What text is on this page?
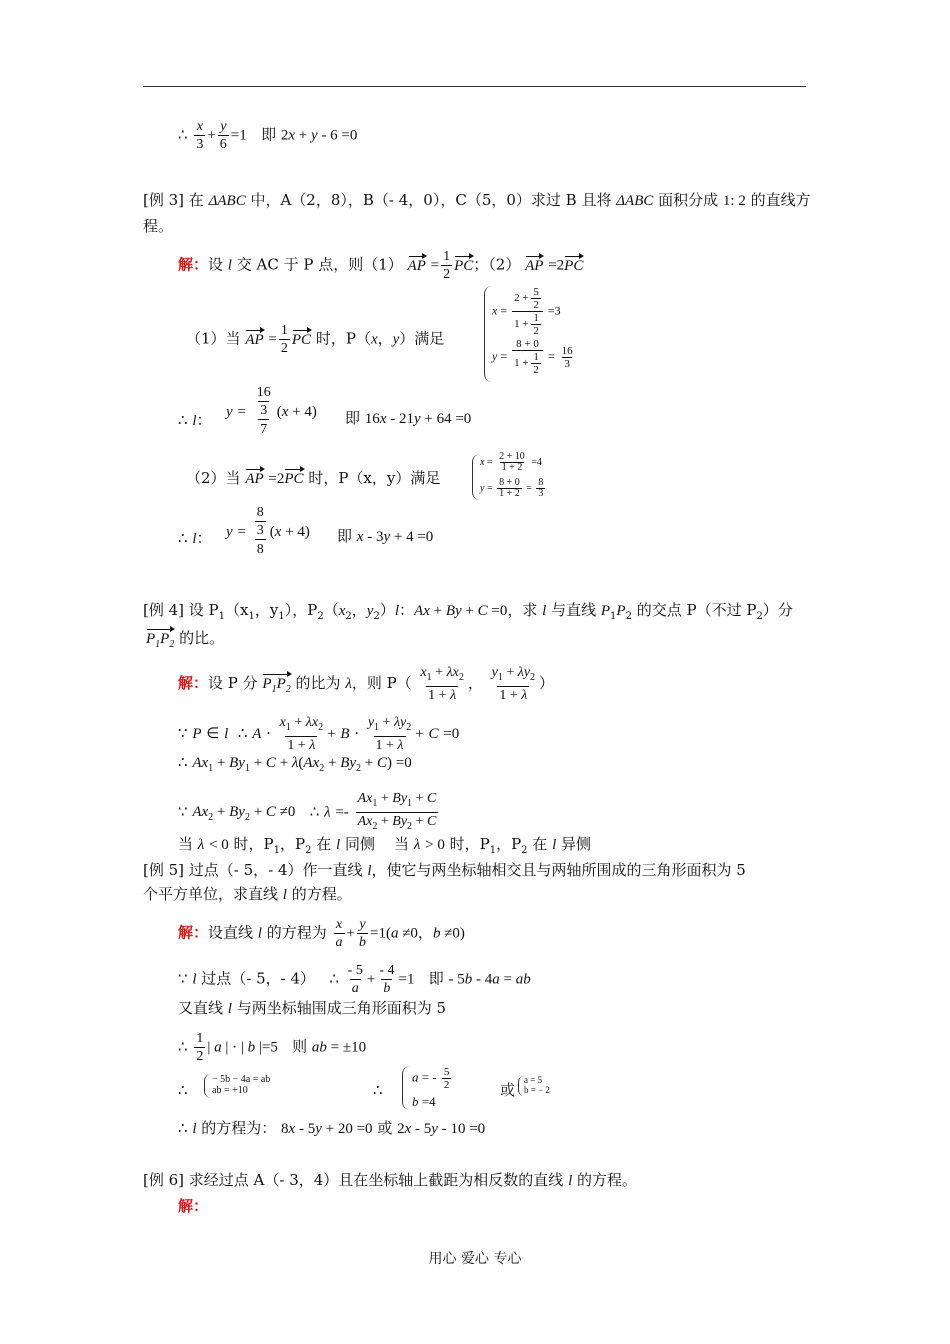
∴ $\frac{x}{3} + \frac{y}{6} =1$ 即 2x + y - 6 =0
[例 3] 在 ΔABC 中，A（2，8），B（- 4，0），C（5，0）求过 B 且将 ΔABC 面积分成 1: 2 的直线方
程。
解：设 l 交 AC 于 P 点，则（1） AP = $\frac{1}{2}$ PC；（2） AP =2PC
（1）当 AP = $\frac{1}{2}$ PC 时，P（x，y）满足
$x = \frac{2 + \frac{5}{2}}{1 + \frac{1}{2}} =3$
$y = \frac{8 + 0}{1 + \frac{1}{2}} = \frac{16}{3}$
∴ l： $y = \frac{\frac{16}{3}}{7} (x + 4)$ 即 16x - 21y + 64 =0
（2）当 AP =2PC 时，P（x，y）满足
$x = \frac{2 + 10}{1 + 2} =4$
$y = \frac{8 + 0}{1 + 2} = \frac{8}{3}$
∴ l： $y = \frac{\frac{8}{3}}{8} (x + 4)$ 即 x - 3y + 4 =0
[例 4] 设 $P_1(x_1$，$y_1$），$P_2(x_2$，$y_2)l$：Ax + By + C =0，求 l 与直线 $P_1P_2$ 的交点 P（不过 $P_2$）分
$P_1P_2$ 的比。
解：设 P 分 $P_1P_2$ 的比为 λ，则 $P( \frac{x_1 + \lambda x_2}{1 + \lambda}$ ， $\frac{y_1 + \lambda y_2}{1 + \lambda}$ ）
∵ P ∈ l ∴ $A \cdot \frac{x_1 + \lambda x_2}{1 + \lambda} + B \cdot \frac{y_1 + \lambda y_2}{1 + \lambda} + C =0$
∴ $Ax_1 + By_1 + C + \lambda(Ax_2 + By_2 + C) =0$
∵ $Ax_2 + By_2 + C \ne 0$ ∴ $\lambda =- \frac{Ax_1 + By_1 + C}{Ax_2 + By_2 + C}$
当 λ < 0 时，$P_1$，$P_2$ 在 l 同侧    当 λ > 0 时，$P_1$，$P_2$ 在 l 异侧
[例 5] 过点（- 5，- 4）作一直线 l，使它与两坐标轴相交且与两轴所围成的三角形面积为 5
个平方单位，求直线 l 的方程。
解：设直线 l 的方程为 $\frac{x}{a} + \frac{y}{b} =1(a \ne 0$，b ≠0)
∵ l 过点（- 5，- 4）   ∴ $\frac{- 5}{a} + \frac{- 4}{b} =1$   即 - 5b - 4a = ab
又直线 l 与两坐标轴围成三角形面积为 5
∴ $\frac{1}{2}$ | a | · | b |=5   则 ab = ±10
∴
− 5b − 4a = ab
ab = +10	∴
a = - $\frac{5}{2}$
b =4
或
a = 5
b = − 2
∴ l 的方程为： 8x - 5y + 20 =0 或 2x - 5y - 10 =0
[例 6] 求经过点 A（- 3，4）且在坐标轴上截距为相反数的直线 l 的方程。
解：
用心 爱心 专心
